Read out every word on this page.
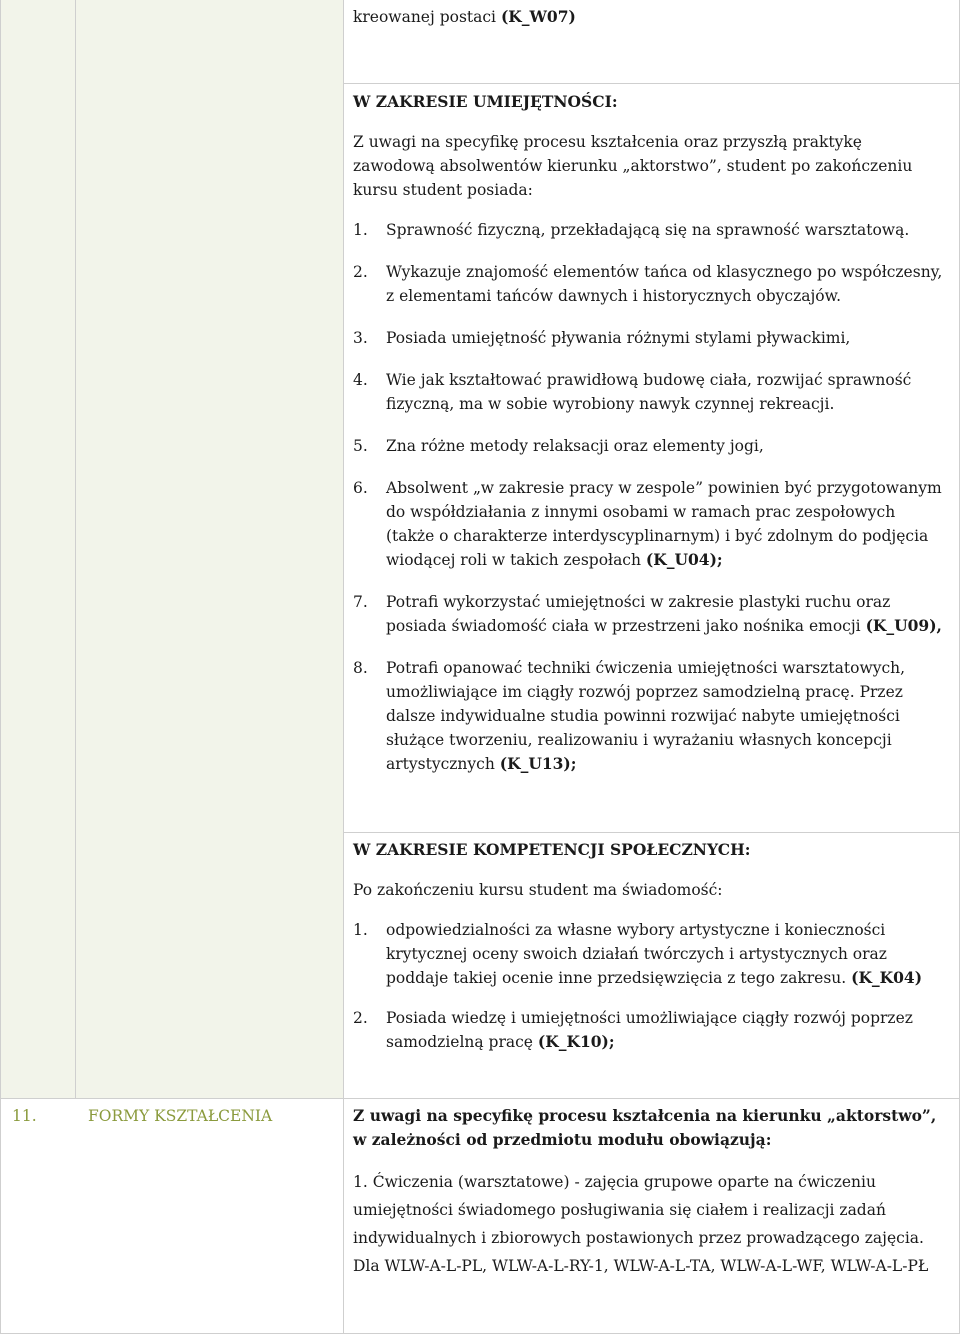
kreowanej postaci (K_W07)
W ZAKRESIE UMIEJĘTNOŚCI:
Z uwagi na specyfikę procesu kształcenia oraz przyszłą praktykę zawodową absolwentów kierunku „aktorstwo”, student po zakończeniu kursu student posiada:
1. Sprawność fizyczną, przekładającą się na sprawność warsztatową.
2. Wykazuje znajomość elementów tańca od klasycznego po współczesny, z elementami tańców dawnych i historycznych obyczajów.
3. Posiada umiejętność pływania różnymi stylami pływackimi,
4. Wie jak kształtować prawidłową budowę ciała, rozwijać sprawność fizyczną, ma w sobie wyrobiony nawyk czynnej rekreacji.
5. Zna różne metody relaksacji oraz elementy jogi,
6. Absolwent „w zakresie pracy w zespole” powinien być przygotowanym do współdziałania z innymi osobami w ramach prac zespołowych (także o charakterze interdyscyplinarnym) i być zdolnym do podjęcia wiodącej roli w takich zespołach (K_U04);
7. Potrafi wykorzystać umiejętności w zakresie plastyki ruchu oraz posiada świadomość ciała w przestrzeni jako nośnika emocji (K_U09),
8. Potrafi opanować techniki ćwiczenia umiejętności warsztatowych, umożliwiające im ciągły rozwój poprzez samodzielną pracę. Przez dalsze indywidualne studia powinni rozwijać nabyte umiejętności służące tworzeniu, realizowaniu i wyrażaniu własnych koncepcji artystycznych (K_U13);
W ZAKRESIE KOMPETENCJI SPOŁECZNYCH:
Po zakończeniu kursu student ma świadomość:
1. odpowiedzialności za własne wybory artystyczne i konieczności krytycznej oceny swoich działań twórczych i artystycznych oraz poddaje takiej ocenie inne przedsięwzięcia z tego zakresu. (K_K04)
2. Posiada wiedzę i umiejętności umożliwiające ciągły rozwój poprzez samodzielną pracę (K_K10);
11.	FORMY KSZTAŁCENIA	Z uwagi na specyfikę procesu kształcenia na kierunku „aktorstwo”, w zależności od przedmiotu modułu obowiązują:
1. Ćwiczenia (warsztatowe) - zajęcia grupowe oparte na ćwiczeniu umiejętności świadomego posługiwania się ciałem i realizacji zadań indywidualnych i zbiorowych postawionych przez prowadzącego zajęcia. Dla WLW-A-L-PL, WLW-A-L-RY-1, WLW-A-L-TA, WLW-A-L-WF, WLW-A-L-PŁ
